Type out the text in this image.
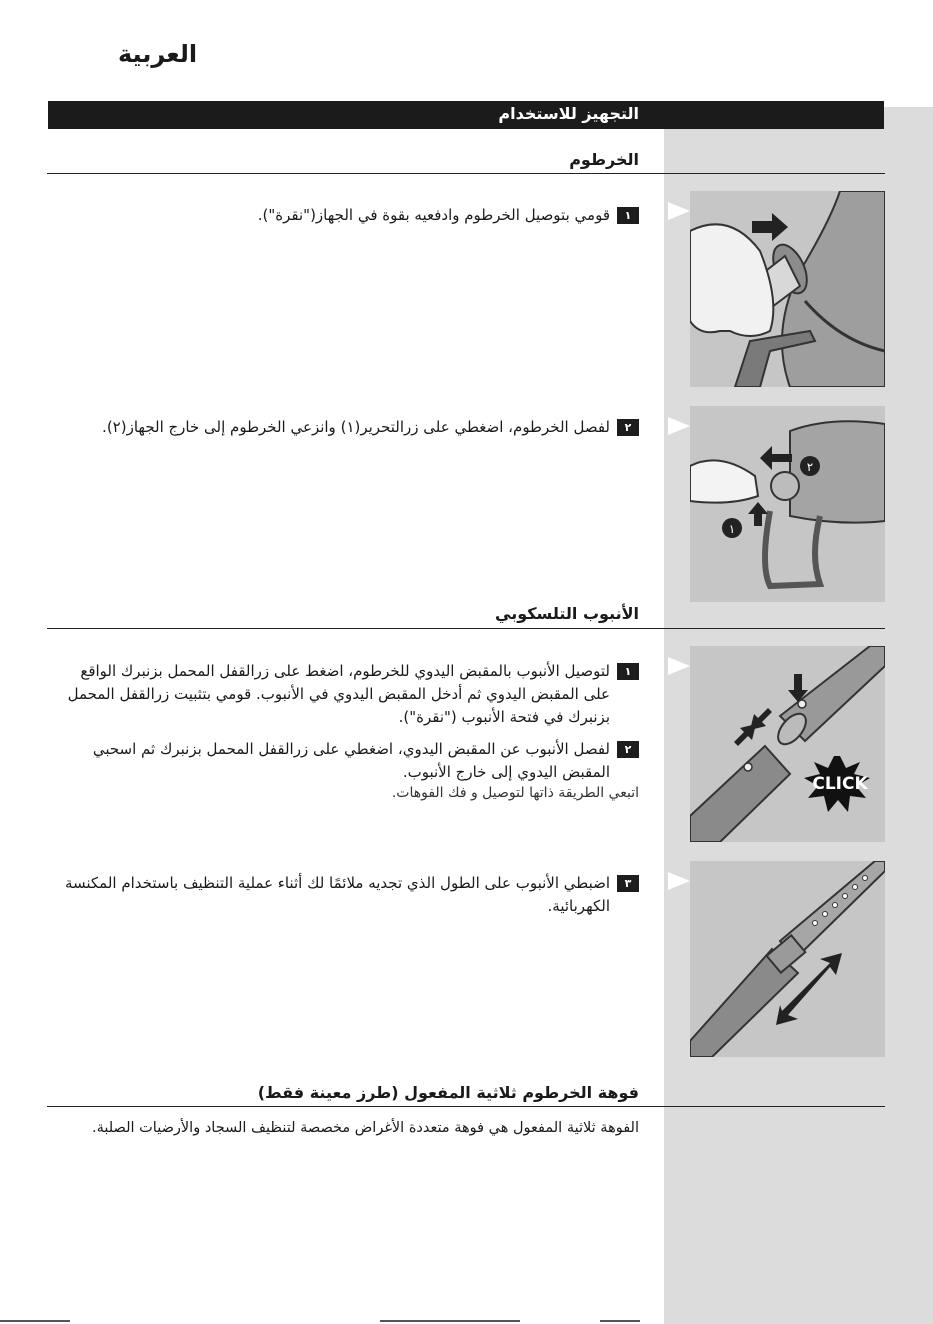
العربية
التجهيز للاستخدام
الخرطوم
١
قومي بتوصيل الخرطوم وادفعيه بقوة في الجهاز("نقرة").
٢
لفصل الخرطوم، اضغطي على زرالتحرير(١) وانزعي الخرطوم إلى خارج الجهاز(٢).
٢
١
الأنبوب التلسكوبي
١
لتوصيل الأنبوب بالمقبض اليدوي للخرطوم، اضغط على زرالقفل المحمل بزنبرك الواقع على المقبض اليدوي ثم أدخل المقبض اليدوي في الأنبوب. قومي بتثبيت زرالقفل المحمل بزنبرك في فتحة الأنبوب ("نقرة").
٢
لفصل الأنبوب عن المقبض اليدوي، اضغطي على زرالقفل المحمل بزنبرك ثم اسحبي المقبض اليدوي إلى خارج الأنبوب.
اتبعي الطريقة ذاتها لتوصيل و فك الفوهات.
٣
اضبطي الأنبوب على الطول الذي تجديه ملائمًا لك أثناء عملية التنظيف باستخدام المكنسة الكهربائية.
CLICK
فوهة الخرطوم ثلاثية المفعول (طرز معينة فقط)
الفوهة ثلاثية المفعول هي فوهة متعددة الأغراض مخصصة لتنظيف السجاد والأرضيات الصلبة.
